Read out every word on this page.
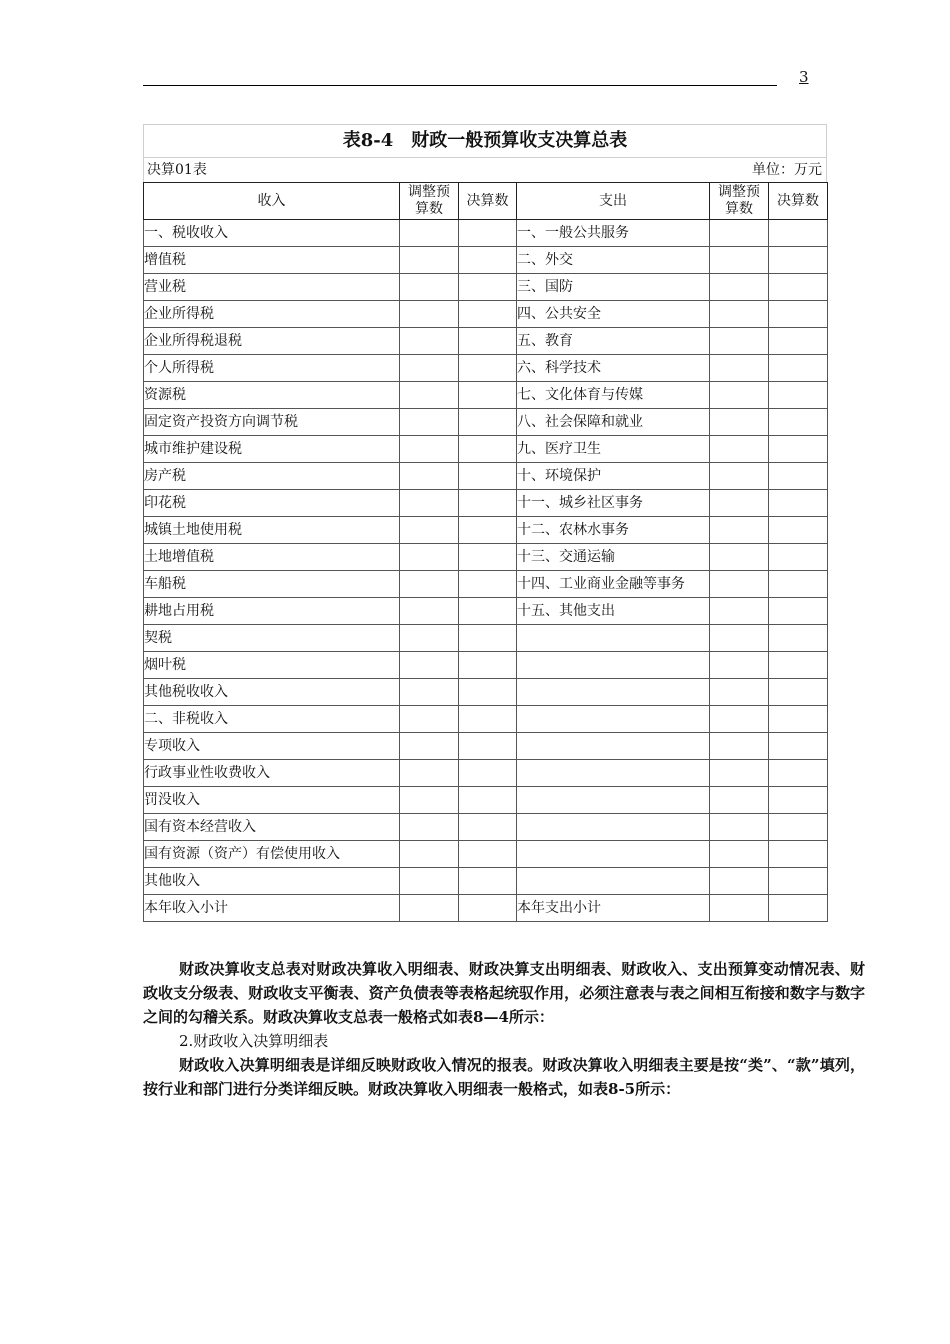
3
表8-4　财政一般预算收支决算总表
决算01表	单位：万元
收入	调整预算数	决算数	支出	调整预算数	决算数
一、税收收入			一、一般公共服务		
增值税			二、外交		
营业税			三、国防		
企业所得税			四、公共安全		
企业所得税退税			五、教育		
个人所得税			六、科学技术		
资源税			七、文化体育与传媒		
固定资产投资方向调节税			八、社会保障和就业		
城市维护建设税			九、医疗卫生		
房产税			十、环境保护		
印花税			十一、城乡社区事务		
城镇土地使用税			十二、农林水事务		
土地增值税			十三、交通运输		
车船税			十四、工业商业金融等事务		
耕地占用税			十五、其他支出		
契税					
烟叶税					
其他税收收入					
二、非税收入					
专项收入					
行政事业性收费收入					
罚没收入					
国有资本经营收入					
国有资源（资产）有偿使用收入					
其他收入					
本年收入小计			本年支出小计		

财政决算收支总表对财政决算收入明细表、财政决算支出明细表、财政收入、支出预算变动情况表、财政收支分级表、财政收支平衡表、资产负债表等表格起统驭作用，必须注意表与表之间相互衔接和数字与数字之间的勾稽关系。财政决算收支总表一般格式如表8—4所示：

2.财政收入决算明细表

财政收入决算明细表是详细反映财政收入情况的报表。财政决算收入明细表主要是按“类”、“款”填列，按行业和部门进行分类详细反映。财政决算收入明细表一般格式，如表8-5所示：
